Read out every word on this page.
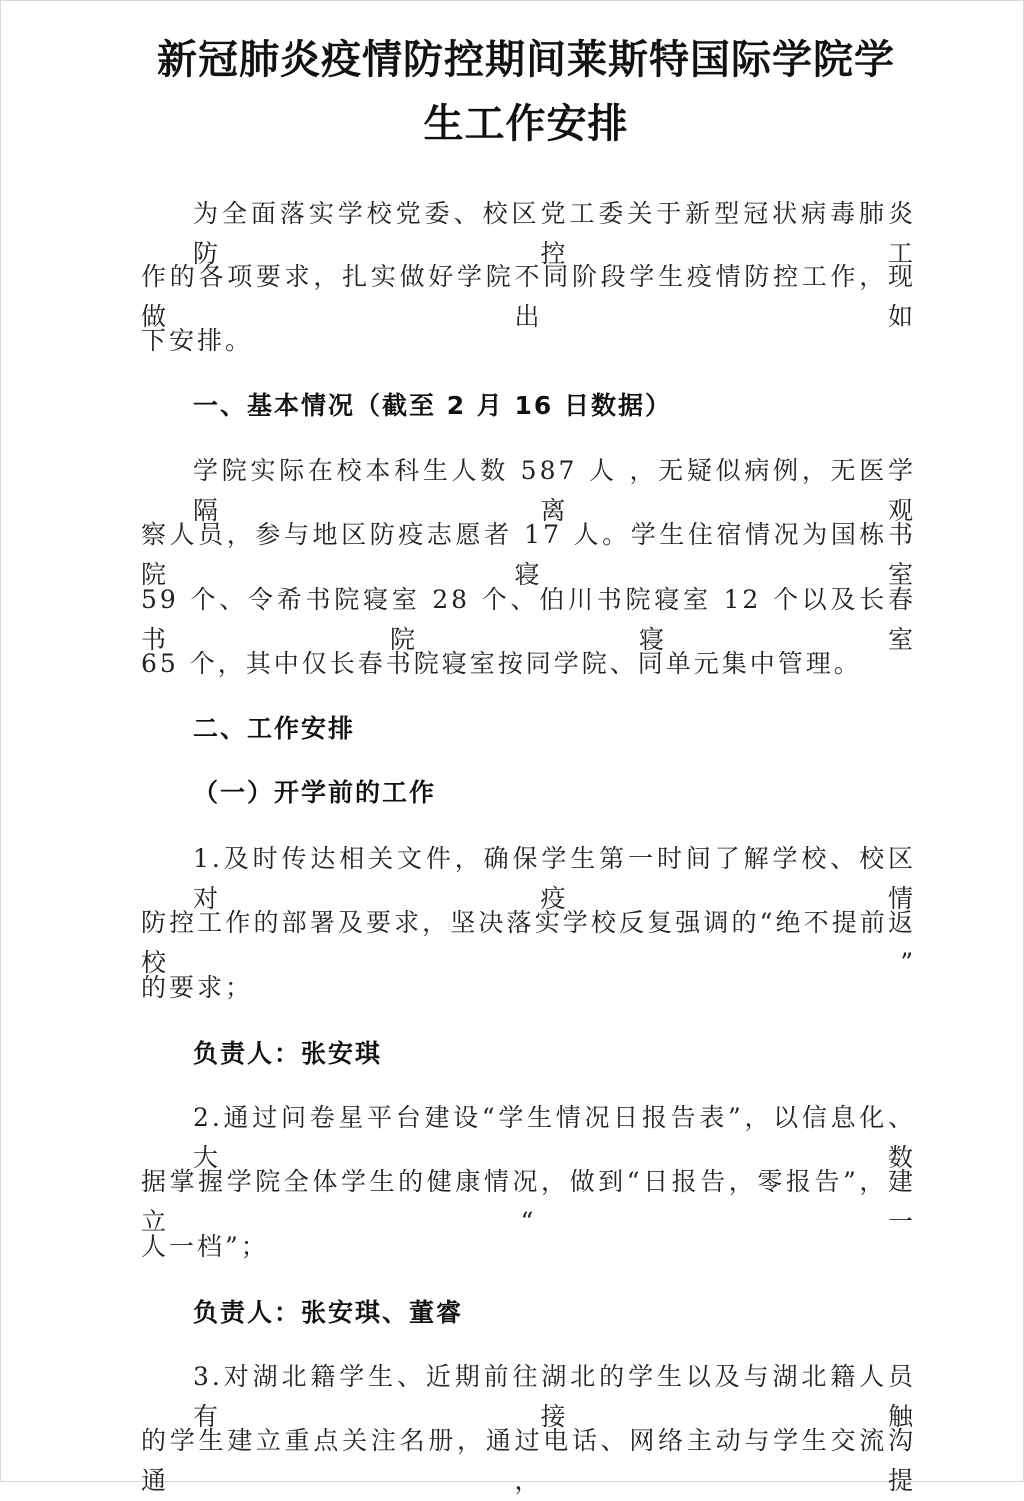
新冠肺炎疫情防控期间莱斯特国际学院学
生工作安排
为全面落实学校党委、校区党工委关于新型冠状病毒肺炎防控工
作的各项要求，扎实做好学院不同阶段学生疫情防控工作，现做出如
下安排。
一、基本情况（截至 2 月 16 日数据）
学院实际在校本科生人数 587 人 ，无疑似病例，无医学隔离观
察人员，参与地区防疫志愿者 17 人。学生住宿情况为国栋书院寝室
59 个、令希书院寝室 28 个、伯川书院寝室 12 个以及长春书院寝室
65 个，其中仅长春书院寝室按同学院、同单元集中管理。
二、工作安排
（一）开学前的工作
1.及时传达相关文件，确保学生第一时间了解学校、校区对疫情
防控工作的部署及要求，坚决落实学校反复强调的“绝不提前返校”
的要求；
负责人：张安琪
2.通过问卷星平台建设“学生情况日报告表”，以信息化、大数
据掌握学院全体学生的健康情况，做到“日报告，零报告”，建立“一
人一档”；
负责人：张安琪、董睿
3.对湖北籍学生、近期前往湖北的学生以及与湖北籍人员有接触
的学生建立重点关注名册，通过电话、网络主动与学生交流沟通，提
